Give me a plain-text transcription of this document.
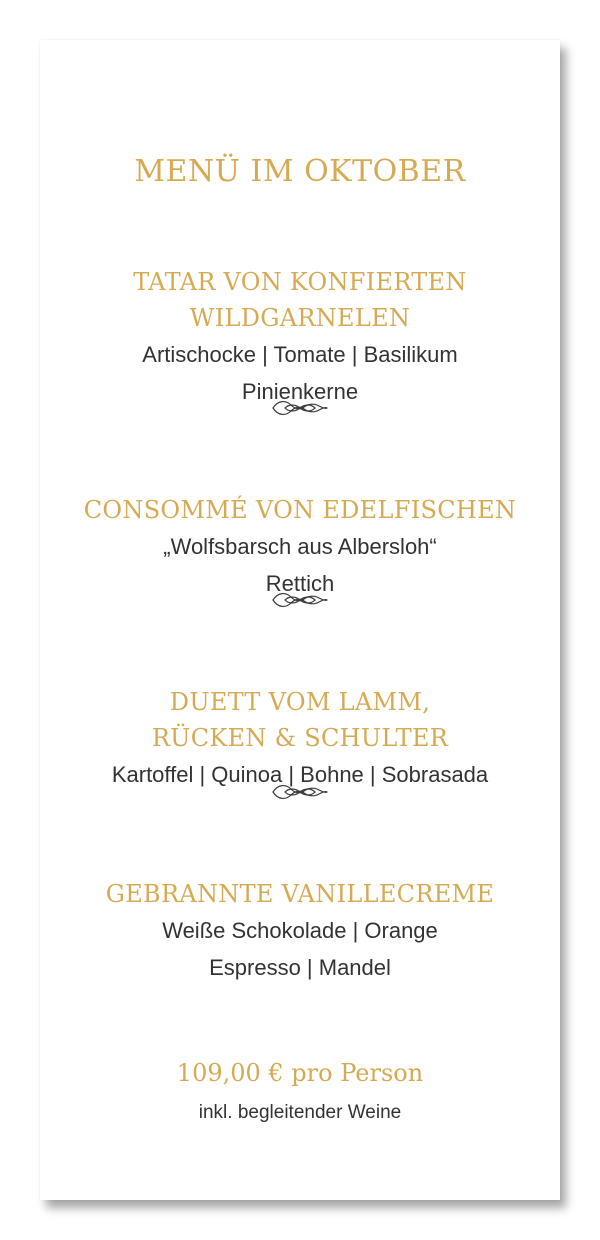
MENÜ IM OKTOBER
TATAR VON KONFIERTEN
WILDGARNELEN
Artischocke | Tomate | Basilikum
Pinienkerne
CONSOMMÉ VON EDELFISCHEN
„Wolfsbarsch aus Albersloh“
Rettich
DUETT VOM LAMM,
RÜCKEN & SCHULTER
Kartoffel | Quinoa | Bohne | Sobrasada
GEBRANNTE VANILLECREME
Weiße Schokolade | Orange
Espresso | Mandel
109,00 € pro Person
inkl. begleitender Weine
